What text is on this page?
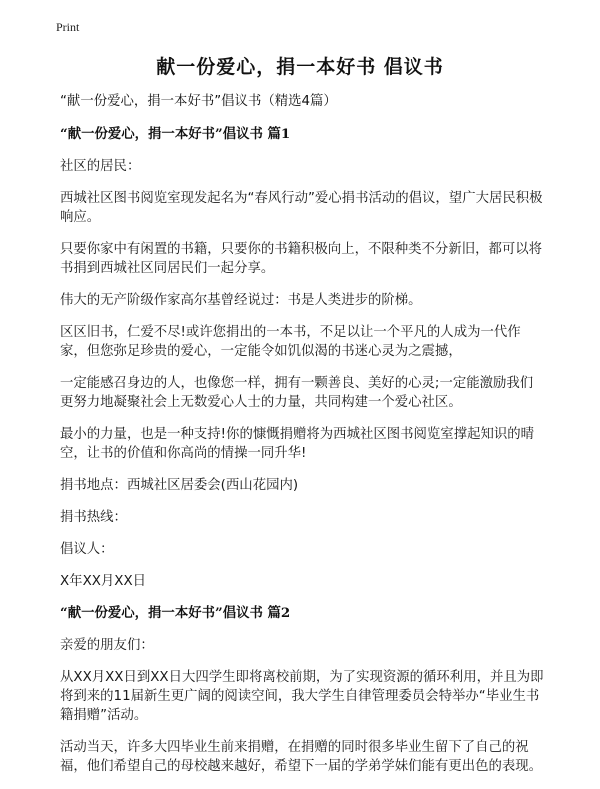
Print
献一份爱心，捐一本好书 倡议书
“献一份爱心，捐一本好书”倡议书（精选4篇）
“献一份爱心，捐一本好书”倡议书 篇1
社区的居民：
西城社区图书阅览室现发起名为“春风行动”爱心捐书活动的倡议，望广大居民积极响应。
只要你家中有闲置的书籍，只要你的书籍积极向上，不限种类不分新旧，都可以将书捐到西城社区同居民们一起分享。
伟大的无产阶级作家高尔基曾经说过：书是人类进步的阶梯。
区区旧书，仁爱不尽!或许您捐出的一本书，不足以让一个平凡的人成为一代作家，但您弥足珍贵的爱心，一定能令如饥似渴的书迷心灵为之震撼，
一定能感召身边的人，也像您一样，拥有一颗善良、美好的心灵;一定能激励我们更努力地凝聚社会上无数爱心人士的力量，共同构建一个爱心社区。
最小的力量，也是一种支持!你的慷慨捐赠将为西城社区图书阅览室撑起知识的晴空，让书的价值和你高尚的情操一同升华!
捐书地点：西城社区居委会(西山花园内)
捐书热线：
倡议人：
X年XX月XX日
“献一份爱心，捐一本好书”倡议书 篇2
亲爱的朋友们：
从XX月XX日到XX日大四学生即将离校前期，为了实现资源的循环利用，并且为即将到来的11届新生更广阔的阅读空间，我大学生自律管理委员会特举办“毕业生书籍捐赠”活动。
活动当天，许多大四毕业生前来捐赠，在捐赠的同时很多毕业生留下了自己的祝福，他们希望自己的母校越来越好，希望下一届的学弟学妹们能有更出色的表现。
